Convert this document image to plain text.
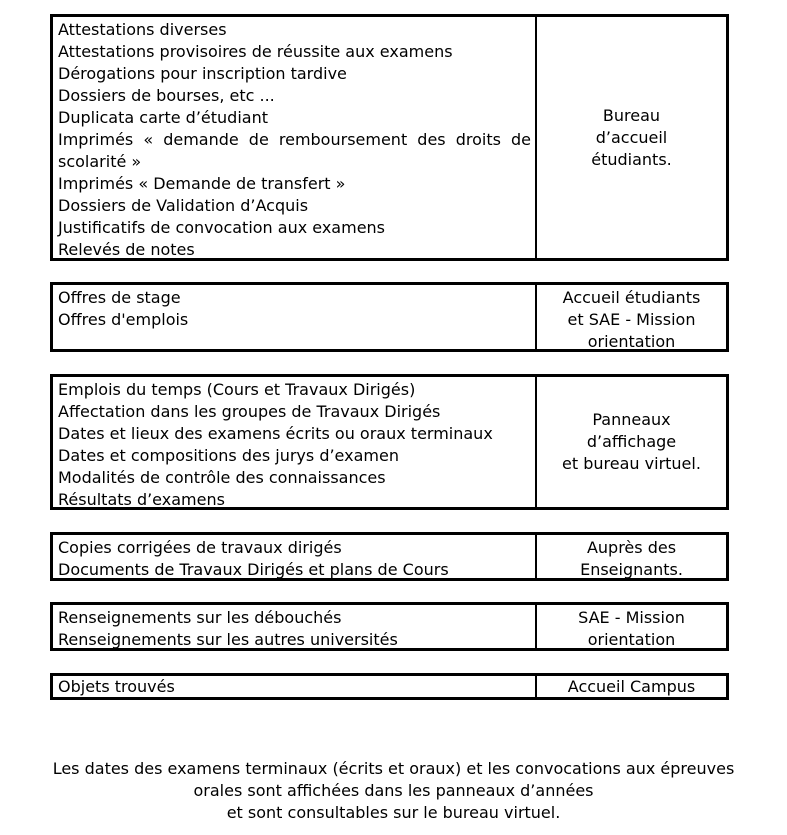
Attestations diverses
Attestations provisoires de réussite aux examens
Dérogations pour inscription tardive
Dossiers de bourses, etc ...
Duplicata carte d’étudiant
Imprimés « demande de remboursement des droits de
scolarité »
Imprimés « Demande de transfert »
Dossiers de Validation d’Acquis
Justificatifs de convocation aux examens
Relevés de notes
Bureau
d’accueil
étudiants.
Offres de stage
Offres d'emplois
Accueil étudiants
et SAE - Mission
orientation
Emplois du temps (Cours et Travaux Dirigés)
Affectation dans les groupes de Travaux Dirigés
Dates et lieux des examens écrits ou oraux terminaux
Dates et compositions des jurys d’examen
Modalités de contrôle des connaissances
Résultats d’examens
Panneaux
d’affichage
et bureau virtuel.
Copies corrigées de travaux dirigés
Documents de Travaux Dirigés et plans de Cours
Auprès des
Enseignants.
Renseignements sur les débouchés
Renseignements sur les autres universités
SAE - Mission
orientation
Objets trouvés	Accueil Campus
Les dates des examens terminaux (écrits et oraux) et les convocations aux épreuves
orales sont affichées dans les panneaux d’années
et sont consultables sur le bureau virtuel.
